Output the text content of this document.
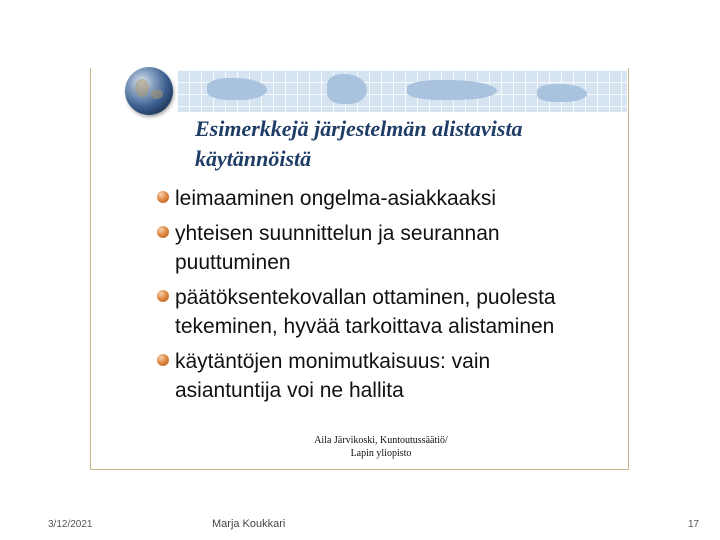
Esimerkkejä järjestelmän alistavista käytännöistä
leimaaminen ongelma-asiakkaaksi
yhteisen suunnittelun ja seurannan
puuttuminen
päätöksentekovallan ottaminen, puolesta
tekeminen, hyvää tarkoittava alistaminen
käytäntöjen monimutkaisuus: vain
asiantuntija voi ne hallita
Aila Järvikoski, Kuntoutussäätiö/
Lapin yliopisto
3/12/2021	Marja Koukkari	17
